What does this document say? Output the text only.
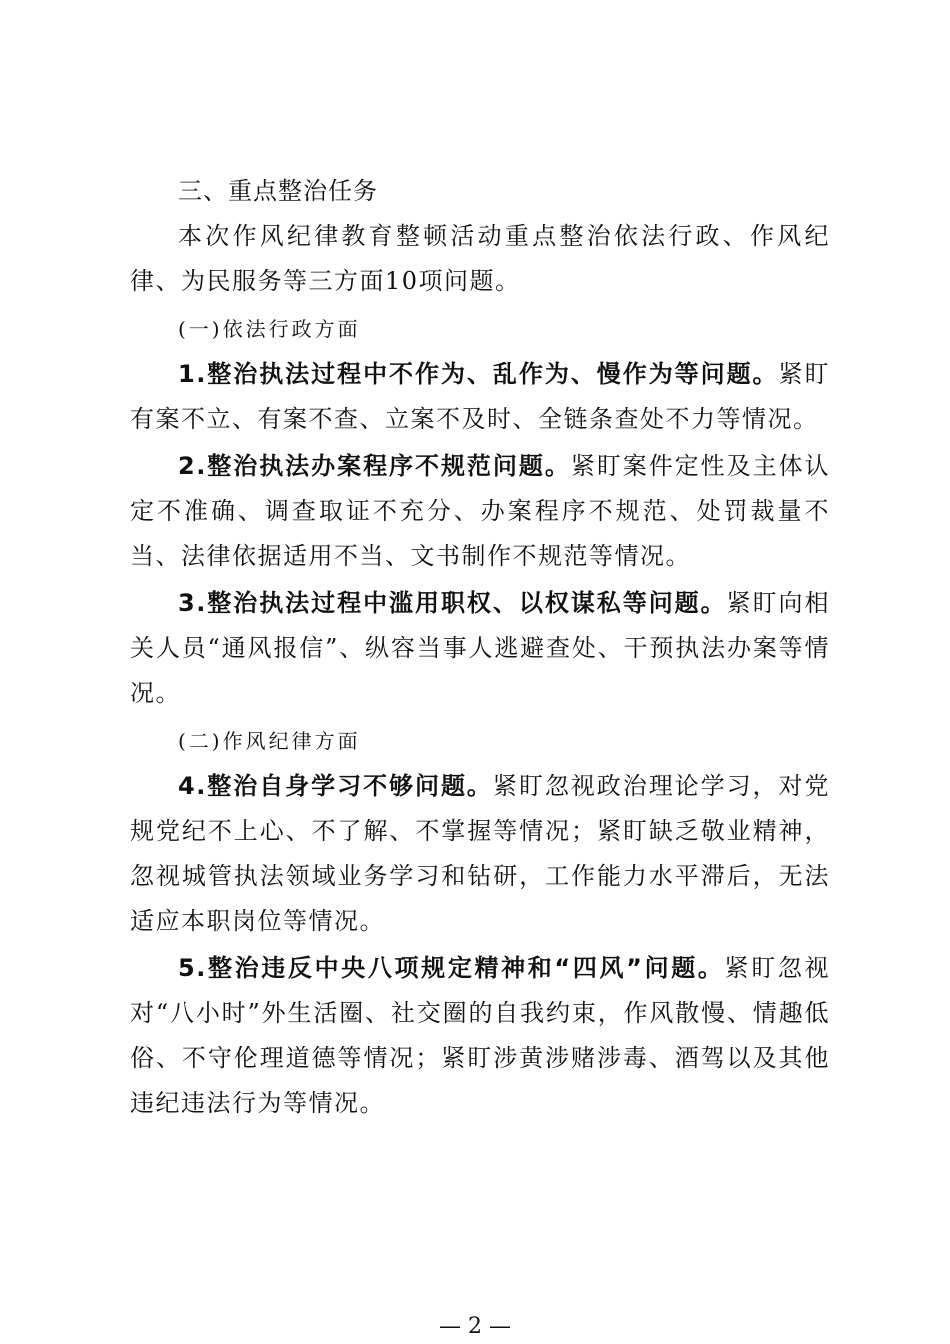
三、重点整治任务

本次作风纪律教育整顿活动重点整治依法行政、作风纪律、为民服务等三方面10项问题。

(一)依法行政方面

1.整治执法过程中不作为、乱作为、慢作为等问题。紧盯有案不立、有案不查、立案不及时、全链条查处不力等情况。

2.整治执法办案程序不规范问题。紧盯案件定性及主体认定不准确、调查取证不充分、办案程序不规范、处罚裁量不当、法律依据适用不当、文书制作不规范等情况。

3.整治执法过程中滥用职权、以权谋私等问题。紧盯向相关人员“通风报信”、纵容当事人逃避查处、干预执法办案等情况。

(二)作风纪律方面

4.整治自身学习不够问题。紧盯忽视政治理论学习，对党规党纪不上心、不了解、不掌握等情况；紧盯缺乏敬业精神，忽视城管执法领域业务学习和钻研，工作能力水平滞后，无法适应本职岗位等情况。

5.整治违反中央八项规定精神和“四风”问题。紧盯忽视对“八小时”外生活圈、社交圈的自我约束，作风散慢、情趣低俗、不守伦理道德等情况；紧盯涉黄涉赌涉毒、酒驾以及其他违纪违法行为等情况。

— 2 —
